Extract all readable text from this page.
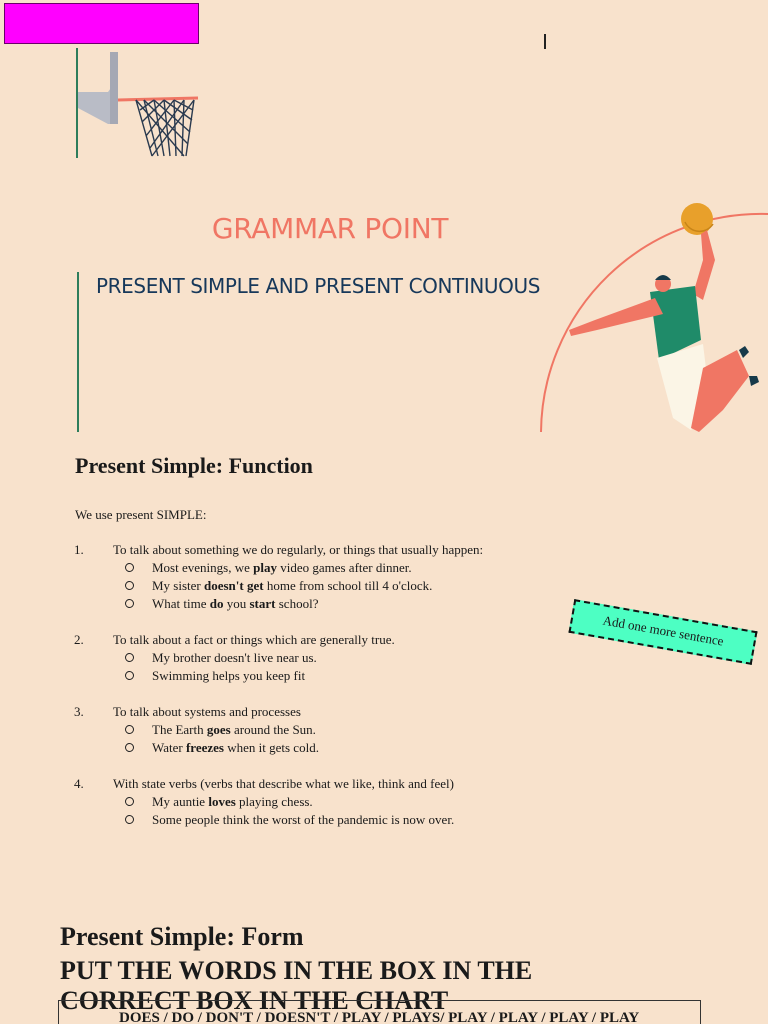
GRAMMAR POINT
PRESENT SIMPLE AND PRESENT CONTINUOUS
Present Simple: Function
We use present SIMPLE:
1.	To talk about something we do regularly, or things that usually happen:
Most evenings, we play video games after dinner.
My sister doesn't get home from school till 4 o'clock.
What time do you start school?
2.	To talk about a fact or things which are generally true.
My brother doesn't live near us.
Swimming helps you keep fit
3.	To talk about systems and processes
The Earth goes around the Sun.
Water freezes when it gets cold.
4.	With state verbs (verbs that describe what we like, think and feel)
My auntie loves playing chess.
Some people think the worst of the pandemic is now over.
Add one more sentence
Present Simple: Form
PUT THE WORDS IN THE BOX IN THE CORRECT BOX IN THE CHART
DOES / DO / DON'T / DOESN'T / PLAY / PLAYS/ PLAY / PLAY / PLAY / PLAY
